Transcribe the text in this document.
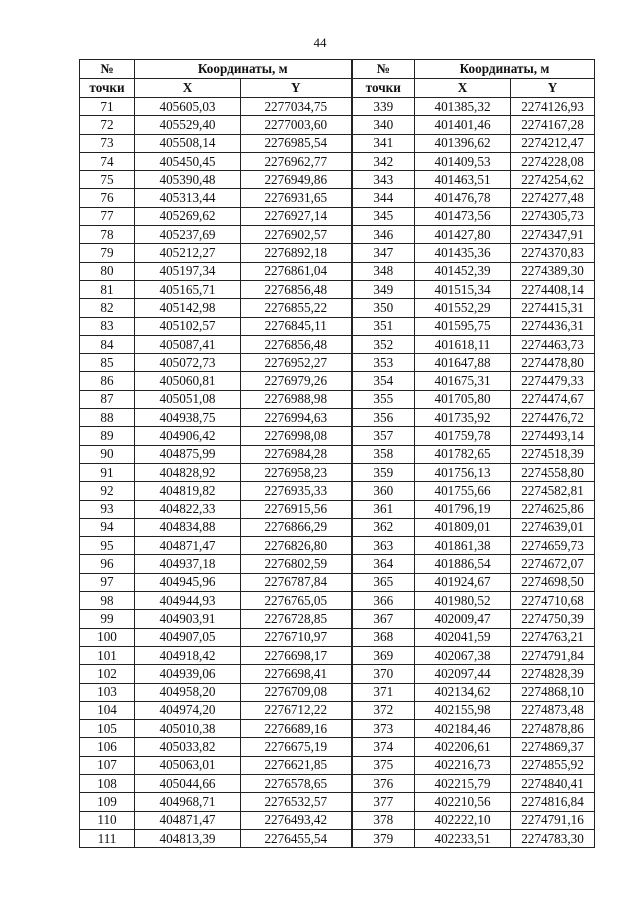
44
№	Координаты, м		№	Координаты, м	
точки	X	Y	точки	X	Y
71	405605,03	2277034,75	339	401385,32	2274126,93
72	405529,40	2277003,60	340	401401,46	2274167,28
73	405508,14	2276985,54	341	401396,62	2274212,47
74	405450,45	2276962,77	342	401409,53	2274228,08
75	405390,48	2276949,86	343	401463,51	2274254,62
76	405313,44	2276931,65	344	401476,78	2274277,48
77	405269,62	2276927,14	345	401473,56	2274305,73
78	405237,69	2276902,57	346	401427,80	2274347,91
79	405212,27	2276892,18	347	401435,36	2274370,83
80	405197,34	2276861,04	348	401452,39	2274389,30
81	405165,71	2276856,48	349	401515,34	2274408,14
82	405142,98	2276855,22	350	401552,29	2274415,31
83	405102,57	2276845,11	351	401595,75	2274436,31
84	405087,41	2276856,48	352	401618,11	2274463,73
85	405072,73	2276952,27	353	401647,88	2274478,80
86	405060,81	2276979,26	354	401675,31	2274479,33
87	405051,08	2276988,98	355	401705,80	2274474,67
88	404938,75	2276994,63	356	401735,92	2274476,72
89	404906,42	2276998,08	357	401759,78	2274493,14
90	404875,99	2276984,28	358	401782,65	2274518,39
91	404828,92	2276958,23	359	401756,13	2274558,80
92	404819,82	2276935,33	360	401755,66	2274582,81
93	404822,33	2276915,56	361	401796,19	2274625,86
94	404834,88	2276866,29	362	401809,01	2274639,01
95	404871,47	2276826,80	363	401861,38	2274659,73
96	404937,18	2276802,59	364	401886,54	2274672,07
97	404945,96	2276787,84	365	401924,67	2274698,50
98	404944,93	2276765,05	366	401980,52	2274710,68
99	404903,91	2276728,85	367	402009,47	2274750,39
100	404907,05	2276710,97	368	402041,59	2274763,21
101	404918,42	2276698,17	369	402067,38	2274791,84
102	404939,06	2276698,41	370	402097,44	2274828,39
103	404958,20	2276709,08	371	402134,62	2274868,10
104	404974,20	2276712,22	372	402155,98	2274873,48
105	405010,38	2276689,16	373	402184,46	2274878,86
106	405033,82	2276675,19	374	402206,61	2274869,37
107	405063,01	2276621,85	375	402216,73	2274855,92
108	405044,66	2276578,65	376	402215,79	2274840,41
109	404968,71	2276532,57	377	402210,56	2274816,84
110	404871,47	2276493,42	378	402222,10	2274791,16
111	404813,39	2276455,54	379	402233,51	2274783,30
